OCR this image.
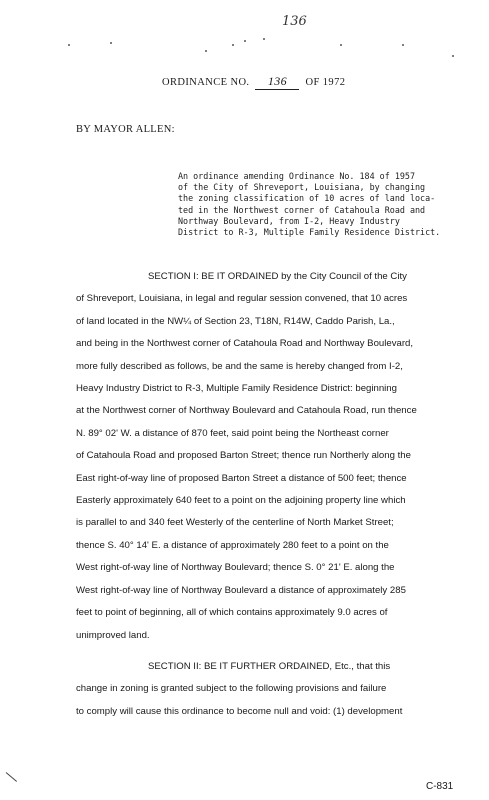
136
ORDINANCE NO. 136 OF 1972
BY MAYOR ALLEN:
An ordinance amending Ordinance No. 184 of 1957
of the City of Shreveport, Louisiana, by changing
the zoning classification of 10 acres of land loca-
ted in the Northwest corner of Catahoula Road and
Northway Boulevard, from I-2, Heavy Industry
District to R-3, Multiple Family Residence District.
SECTION I: BE IT ORDAINED by the City Council of the City
of Shreveport, Louisiana, in legal and regular session convened, that 10 acres
of land located in the NW¼ of Section 23, T18N, R14W, Caddo Parish, La.,
and being in the Northwest corner of Catahoula Road and Northway Boulevard,
more fully described as follows, be and the same is hereby changed from I-2,
Heavy Industry District to R-3, Multiple Family Residence District: beginning
at the Northwest corner of Northway Boulevard and Catahoula Road, run thence
N. 89° 02' W. a distance of 870 feet, said point being the Northeast corner
of Catahoula Road and proposed Barton Street; thence run Northerly along the
East right-of-way line of proposed Barton Street a distance of 500 feet; thence
Easterly approximately 640 feet to a point on the adjoining property line which
is parallel to and 340 feet Westerly of the centerline of North Market Street;
thence S. 40° 14' E. a distance of approximately 280 feet to a point on the
West right-of-way line of Northway Boulevard; thence S. 0° 21' E. along the
West right-of-way line of Northway Boulevard a distance of approximately 285
feet to point of beginning, all of which contains approximately 9.0 acres of
unimproved land.
SECTION II: BE IT FURTHER ORDAINED, Etc., that this
change in zoning is granted subject to the following provisions and failure
to comply will cause this ordinance to become null and void: (1) development
C-831
